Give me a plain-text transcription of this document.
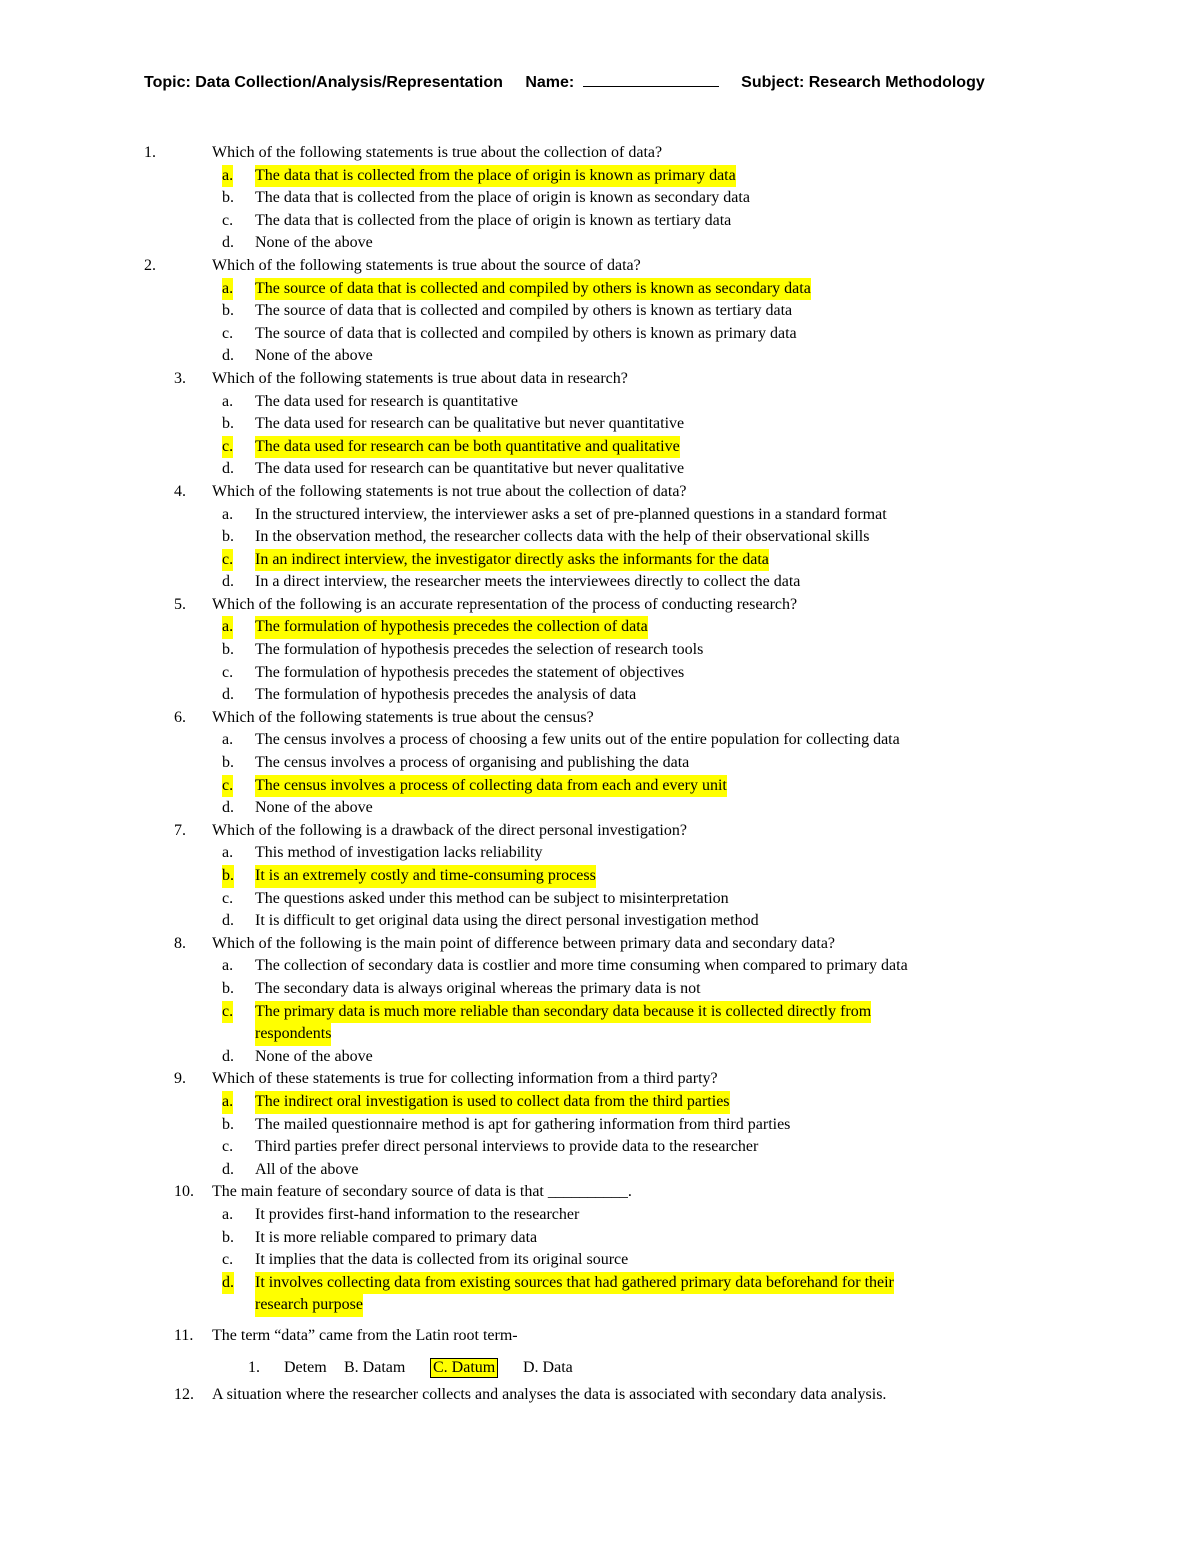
Topic: Data Collection/Analysis/Representation Name:	Subject: Research Methodology
1.	Which of the following statements is true about the collection of data?
a. The data that is collected from the place of origin is known as primary data
b. The data that is collected from the place of origin is known as secondary data
c. The data that is collected from the place of origin is known as tertiary data
d. None of the above
2.	Which of the following statements is true about the source of data?
a. The source of data that is collected and compiled by others is known as secondary data
b. The source of data that is collected and compiled by others is known as tertiary data
c. The source of data that is collected and compiled by others is known as primary data
d. None of the above
3. Which of the following statements is true about data in research?
a. The data used for research is quantitative
b. The data used for research can be qualitative but never quantitative
c. The data used for research can be both quantitative and qualitative
d. The data used for research can be quantitative but never qualitative
4. Which of the following statements is not true about the collection of data?
a. In the structured interview, the interviewer asks a set of pre-planned questions in a standard format
b. In the observation method, the researcher collects data with the help of their observational skills
c. In an indirect interview, the investigator directly asks the informants for the data
d. In a direct interview, the researcher meets the interviewees directly to collect the data
5. Which of the following is an accurate representation of the process of conducting research?
a. The formulation of hypothesis precedes the collection of data
b. The formulation of hypothesis precedes the selection of research tools
c. The formulation of hypothesis precedes the statement of objectives
d. The formulation of hypothesis precedes the analysis of data
6. Which of the following statements is true about the census?
a. The census involves a process of choosing a few units out of the entire population for collecting data
b. The census involves a process of organising and publishing the data
c. The census involves a process of collecting data from each and every unit
d. None of the above
7. Which of the following is a drawback of the direct personal investigation?
a. This method of investigation lacks reliability
b. It is an extremely costly and time-consuming process
c. The questions asked under this method can be subject to misinterpretation
d. It is difficult to get original data using the direct personal investigation method
8. Which of the following is the main point of difference between primary data and secondary data?
a. The collection of secondary data is costlier and more time consuming when compared to primary data
b. The secondary data is always original whereas the primary data is not
c. The primary data is much more reliable than secondary data because it is collected directly from
respondents
d. None of the above
9. Which of these statements is true for collecting information from a third party?
a. The indirect oral investigation is used to collect data from the third parties
b. The mailed questionnaire method is apt for gathering information from third parties
c. Third parties prefer direct personal interviews to provide data to the researcher
d. All of the above
10. The main feature of secondary source of data is that __________.
a. It provides first-hand information to the researcher
b. It is more reliable compared to primary data
c. It implies that the data is collected from its original source
d. It involves collecting data from existing sources that had gathered primary data beforehand for their
research purpose
11. The term “data” came from the Latin root term-
1. Detem B. Datam C. Datum D. Data
12. A situation where the researcher collects and analyses the data is associated with secondary data analysis.
